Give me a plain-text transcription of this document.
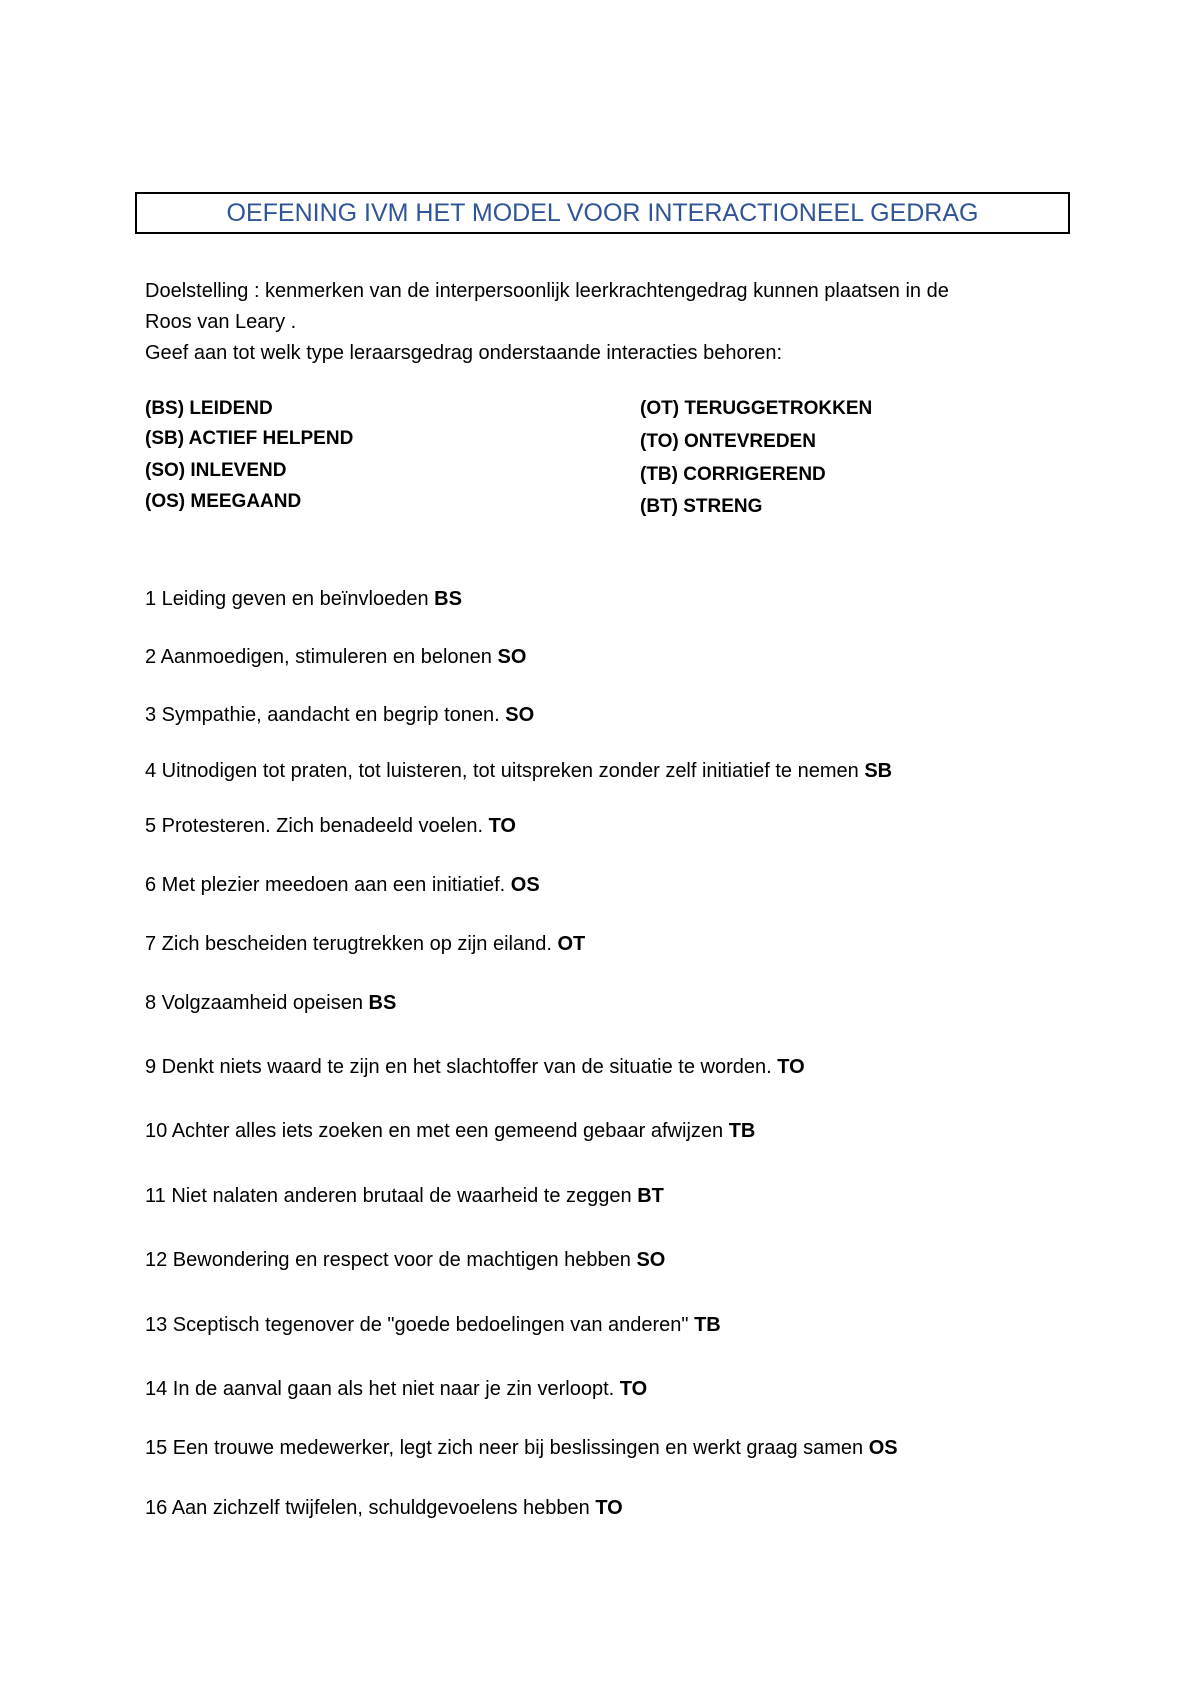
OEFENING IVM HET MODEL VOOR INTERACTIONEEL GEDRAG

Doelstelling : kenmerken van de interpersoonlijk leerkrachtengedrag kunnen plaatsen in de

Roos van Leary .

Geef aan tot welk type leraarsgedrag onderstaande interacties behoren:

(BS) LEIDEND
(SB) ACTIEF HELPEND
(SO) INLEVEND
(OS) MEEGAAND
(OT) TERUGGETROKKEN
(TO) ONTEVREDEN
(TB) CORRIGEREND
(BT) STRENG
1 Leiding geven en beïnvloeden BS
2 Aanmoedigen, stimuleren en belonen SO
3 Sympathie, aandacht en begrip tonen. SO
4 Uitnodigen tot praten, tot luisteren, tot uitspreken zonder zelf initiatief te nemen SB
5 Protesteren. Zich benadeeld voelen. TO
6 Met plezier meedoen aan een initiatief. OS
7 Zich bescheiden terugtrekken op zijn eiland. OT
8 Volgzaamheid opeisen BS
9 Denkt niets waard te zijn en het slachtoffer van de situatie te worden. TO
10 Achter alles iets zoeken en met een gemeend gebaar afwijzen TB
11 Niet nalaten anderen brutaal de waarheid te zeggen BT
12 Bewondering en respect voor de machtigen hebben SO
13 Sceptisch tegenover de "goede bedoelingen van anderen" TB
14 In de aanval gaan als het niet naar je zin verloopt. TO
15 Een trouwe medewerker, legt zich neer bij beslissingen en werkt graag samen OS
16 Aan zichzelf twijfelen, schuldgevoelens hebben TO
